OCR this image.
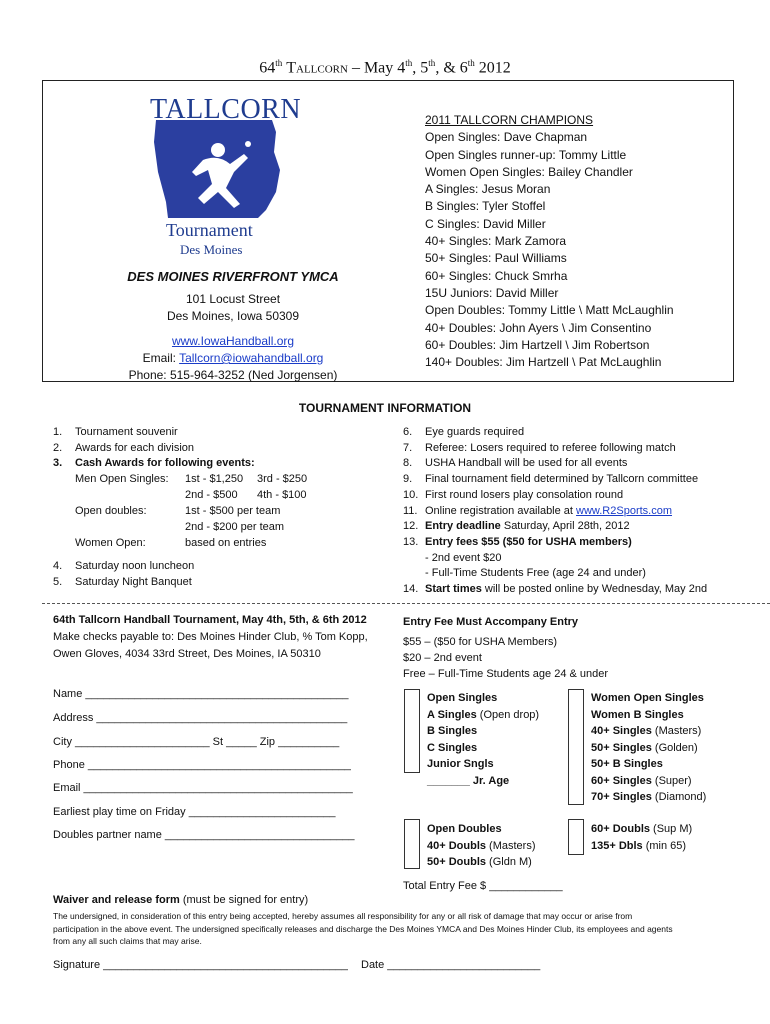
64th Tallcorn – May 4th, 5th, & 6th 2012
TALLCORN
Tournament
Des Moines
DES MOINES RIVERFRONT YMCA
101 Locust Street
Des Moines, Iowa 50309
www.IowaHandball.org
Email: Tallcorn@iowahandball.org
Phone: 515-964-3252 (Ned Jorgensen)
2011 TALLCORN CHAMPIONS
Open Singles: Dave Chapman
Open Singles runner-up: Tommy Little
Women Open Singles: Bailey Chandler
A Singles: Jesus Moran
B Singles: Tyler Stoffel
C Singles: David Miller
40+ Singles: Mark Zamora
50+ Singles: Paul Williams
60+ Singles: Chuck Smrha
15U Juniors: David Miller
Open Doubles: Tommy Little \ Matt McLaughlin
40+ Doubles: John Ayers \ Jim Consentino
60+ Doubles: Jim Hartzell \ Jim Robertson
140+ Doubles: Jim Hartzell \ Pat McLaughlin
TOURNAMENT INFORMATION
1. Tournament souvenir
2. Awards for each division
3. Cash Awards for following events:
Men Open Singles: 1st - $1,250 3rd - $250
2nd - $500 4th - $100
Open doubles:	1st - $500 per team
2nd - $200 per team
Women Open:	based on entries
4. Saturday noon luncheon
5. Saturday Night Banquet
6. Eye guards required
7. Referee: Losers required to referee following match
8. USHA Handball will be used for all events
9. Final tournament field determined by Tallcorn committee
10. First round losers play consolation round
11. Online registration available at www.R2Sports.com
12. Entry deadline Saturday, April 28th, 2012
13. Entry fees $55 ($50 for USHA members)
- 2nd event $20
- Full-Time Students Free (age 24 and under)
14. Start times will be posted online by Wednesday, May 2nd
64th Tallcorn Handball Tournament, May 4th, 5th, & 6th 2012
Make checks payable to: Des Moines Hinder Club, % Tom Kopp,
Owen Gloves, 4034 33rd Street, Des Moines, IA 50310
Entry Fee Must Accompany Entry
$55 – ($50 for USHA Members)
$20 – 2nd event
Free – Full-Time Students age 24 & under
Name ___________________________________________
Address _________________________________________
City ______________________ St _____ Zip __________
Phone ___________________________________________
Email ____________________________________________
Earliest play time on Friday ________________________
Doubles partner name _______________________________
Open Singles
A Singles (Open drop)
B Singles
C Singles
Junior Sngls
_______ Jr. Age
Women Open Singles
Women B Singles
40+ Singles (Masters)
50+ Singles (Golden)
50+ B Singles
60+ Singles (Super)
70+ Singles (Diamond)
Open Doubles
40+ Doubls (Masters)
50+ Doubls (Gldn M)
60+ Doubls (Sup M)
135+ Dbls (min 65)
Total Entry Fee $ ____________
Waiver and release form (must be signed for entry)
The undersigned, in consideration of this entry being accepted, hereby assumes all responsibility for any or all risk of damage that may occur or arise from
participation in the above event. The undersigned specifically releases and discharge the Des Moines YMCA and Des Moines Hinder Club, its employees and agents
from any all such claims that may arise.
Signature ________________________________________ Date _________________________
